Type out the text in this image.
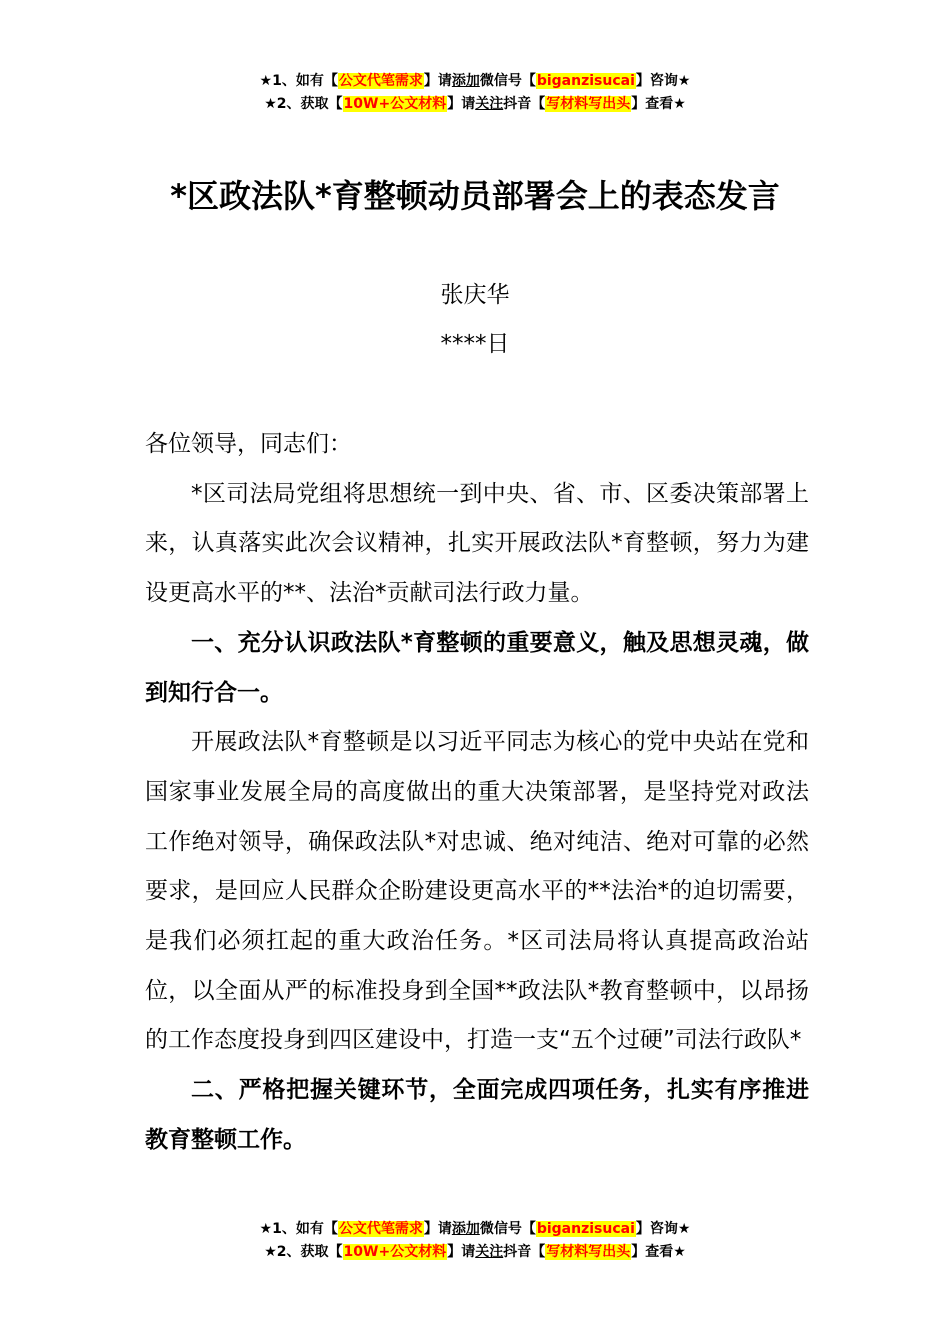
★1、如有【公文代笔需求】请添加微信号【biganzisucai】咨询★
★2、获取【10W+公文材料】请关注抖音【写材料写出头】查看★
*区政法队*育整顿动员部署会上的表态发言
张庆华
****日

各位领导，同志们：

*区司法局党组将思想统一到中央、省、市、区委决策部署上来，认真落实此次会议精神，扎实开展政法队*育整顿，努力为建设更高水平的**、法治*贡献司法行政力量。

一、充分认识政法队*育整顿的重要意义，触及思想灵魂，做到知行合一。

开展政法队*育整顿是以习近平同志为核心的党中央站在党和国家事业发展全局的高度做出的重大决策部署，是坚持党对政法工作绝对领导，确保政法队*对忠诚、绝对纯洁、绝对可靠的必然要求，是回应人民群众企盼建设更高水平的**法治*的迫切需要，是我们必须扛起的重大政治任务。*区司法局将认真提高政治站位，以全面从严的标准投身到全国**政法队*教育整顿中，以昂扬的工作态度投身到四区建设中，打造一支“五个过硬”司法行政队*

二、严格把握关键环节，全面完成四项任务，扎实有序推进教育整顿工作。

★1、如有【公文代笔需求】请添加微信号【biganzisucai】咨询★
★2、获取【10W+公文材料】请关注抖音【写材料写出头】查看★
